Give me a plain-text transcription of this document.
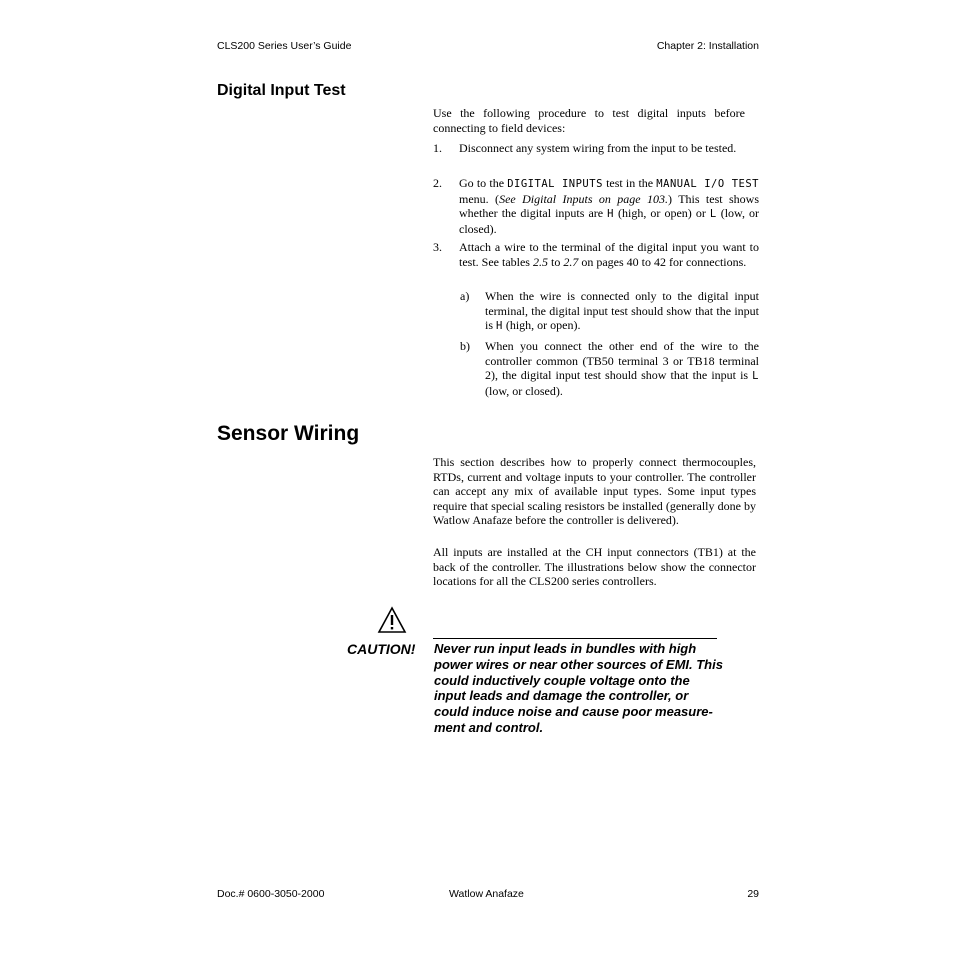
CLS200 Series User’s Guide	Chapter 2: Installation
Digital Input Test

Use the following procedure to test digital inputs before connecting to field devices:

1. Disconnect any system wiring from the input to be tested.
2. Go to the DIGITAL INPUTS test in the MANUAL I/O TEST menu. (See Digital Inputs on page 103.) This test shows whether the digital inputs are H (high, or open) or L (low, or closed).
3. Attach a wire to the terminal of the digital input you want to test. See tables 2.5 to 2.7 on pages 40 to 42 for connections.
a) When the wire is connected only to the digital input terminal, the digital input test should show that the input is H (high, or open).
b) When you connect the other end of the wire to the controller common (TB50 terminal 3 or TB18 terminal 2), the digital input test should show that the input is L (low, or closed).
Sensor Wiring

This section describes how to properly connect thermocouples, RTDs, current and voltage inputs to your controller. The controller can accept any mix of available input types. Some input types require that special scaling resistors be installed (generally done by Watlow Anafaze before the controller is delivered).

All inputs are installed at the CH input connectors (TB1) at the back of the controller. The illustrations below show the connector locations for all the CLS200 series controllers.

CAUTION! Never run input leads in bundles with high power wires or near other sources of EMI. This could inductively couple voltage onto the input leads and damage the controller, or could induce noise and cause poor measurement and control.
Doc.# 0600-3050-2000	Watlow Anafaze	29
